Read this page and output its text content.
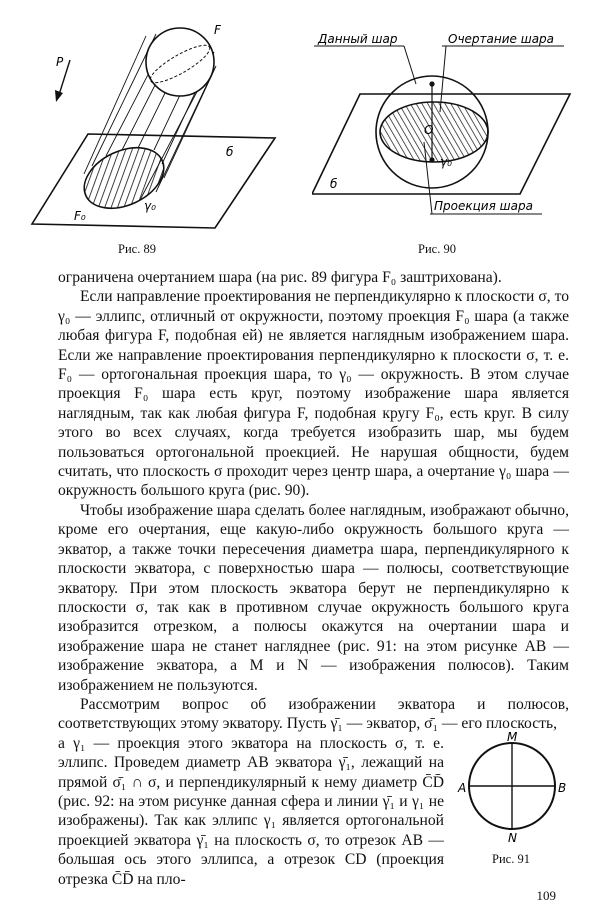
P
F
б
F₀
γ₀
Рис. 89
Данный шар	Очертание шара
Проекция шара
б
O
γ₀
Рис. 90

ограничена очертанием шара (на рис. 89 фигура F₀ заштрихована).

Если направление проектирования не перпендикулярно к плоскости σ, то γ₀ — эллипс, отличный от окружности, поэтому проекция F₀ шара (а также любая фигура F, подобная ей) не является наглядным изображением шара. Если же направление проектирования перпендикулярно к плоскости σ, т. е. F₀ — ортогональная проекция шара, то γ₀ — окружность. В этом случае проекция F₀ шара есть круг, поэтому изображение шара является наглядным, так как любая фигура F, подобная кругу F₀, есть круг. В силу этого во всех случаях, когда требуется изобразить шар, мы будем пользоваться ортогональной проекцией. Не нарушая общности, будем считать, что плоскость σ проходит через центр шара, а очертание γ₀ шара — окружность большого круга (рис. 90).

Чтобы изображение шара сделать более наглядным, изображают обычно, кроме его очертания, еще какую-либо окружность большого круга — экватор, а также точки пересечения диаметра шара, перпендикулярного к плоскости экватора, с поверхностью шара — полюсы, соответствующие экватору. При этом плоскость экватора берут не перпендикулярно к плоскости σ, так как в противном случае окружность большого круга изобразится отрезком, а полюсы окажутся на очертании шара и изображение шара не станет нагляднее (рис. 91: на этом рисунке AB — изображение экватора, а M и N — изображения полюсов). Таким изображением не пользуются.

Рассмотрим вопрос об изображении экватора и полюсов, соответствующих этому экватору. Пусть γ̄₁ — экватор, σ̄₁ — его плоскость,

а γ₁ — проекция этого экватора на плоскость σ, т. е. эллипс. Проведем диаметр AB экватора γ̄₁, лежащий на прямой σ̄₁ ∩ σ, и перпендикулярный к нему диаметр C̄D̄ (рис. 92: на этом рисунке данная сфера и линии γ̄₁ и γ₁ не изображены). Так как эллипс γ₁ является ортогональной проекцией экватора γ̄₁ на плоскость σ, то отрезок AB — большая ось этого эллипса, а отрезок CD (проекция отрезка C̄D̄ на пло-

M
N
A	B
Рис. 91
109
